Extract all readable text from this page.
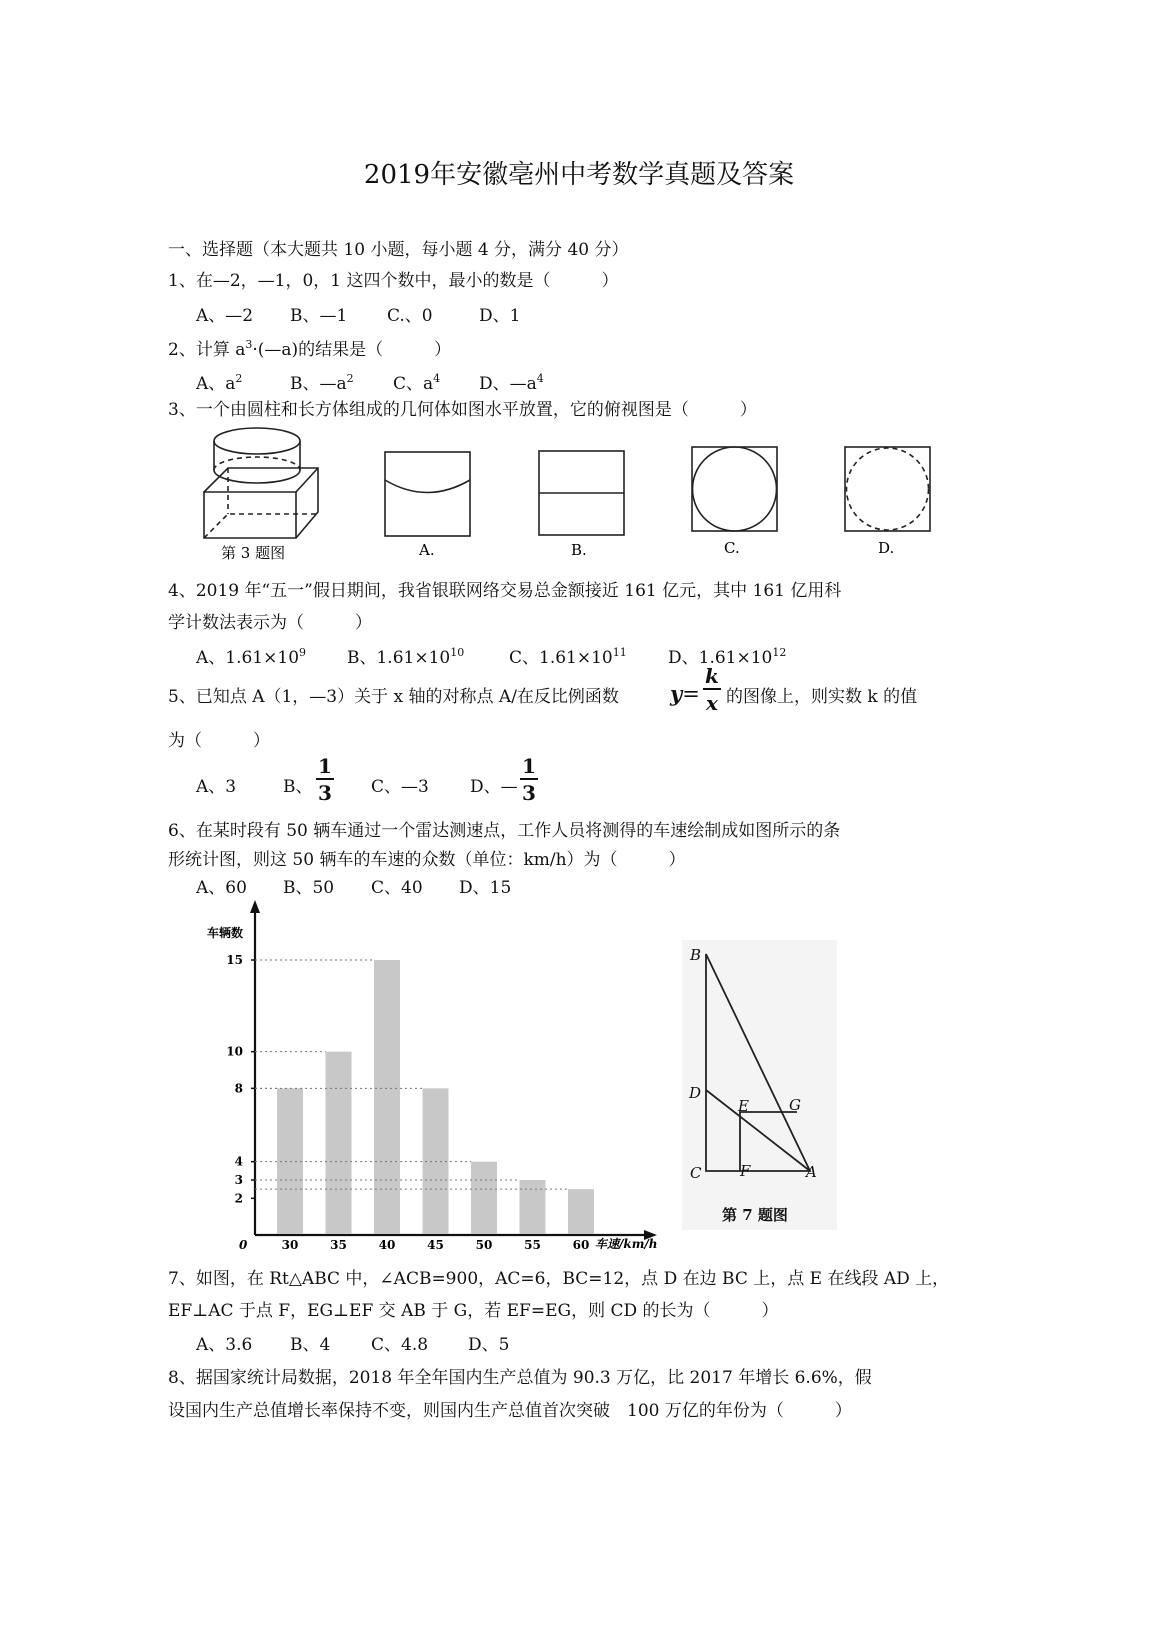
2019年安徽亳州中考数学真题及答案
一、选择题（本大题共 10 小题，每小题 4 分，满分 40 分）
1、在—2，—1，0，1 这四个数中，最小的数是（　　　）
A、—2 B、—1 C.、0	D、1
2、计算 $a^3\cdot(—a)$的结果是（　　　）
A、$a^2$	B、$—a^2$ C、$a^4$ D、$—a^4$
3、一个由圆柱和长方体组成的几何体如图水平放置，它的俯视图是（　　　）
第 3 题图	A.	B.	C.	D.
4、2019 年“五一”假日期间，我省银联网络交易总金额接近 161 亿元，其中 161 亿用科
学计数法表示为（　　　）
A、$1.61\times 10^9$ B、$1.61\times 10^{10}$	C、$1.61\times 10^{11}$ D、$1.61\times 10^{12}$
5、已知点 A（1，—3）关于 x 轴的对称点 A/在反比例函数 $y= \frac{k}{x}$ 的图像上，则实数 k 的值
为（　　　）
A、3	B、 $\frac{1}{3}$ C、—3 D、— $\frac{1}{3}$
6、在某时段有 50 辆车通过一个雷达测速点，工作人员将测得的车速绘制成如图所示的条
形统计图，则这 50 辆车的车速的众数（单位：km/h）为（　　　）
A、60 B、50 C、40 D、15
车辆数
车速/km/h
0	30	35	40	45	50	55	60
2
3
4
8
10
15	B
D
E	G
C	F	A
第 7 题图
7、如图，在 Rt△ABC 中，∠ACB=900，AC=6，BC=12，点 D 在边 BC 上，点 E 在线段 AD 上，
EF⊥AC 于点 F，EG⊥EF 交 AB 于 G，若 EF=EG，则 CD 的长为（　　　）
A、3.6 B、4 C、4.8 D、5
8、据国家统计局数据，2018 年全年国内生产总值为 90.3 万亿，比 2017 年增长 6.6%，假
设国内生产总值增长率保持不变，则国内生产总值首次突破　100 万亿的年份为（　　　）
